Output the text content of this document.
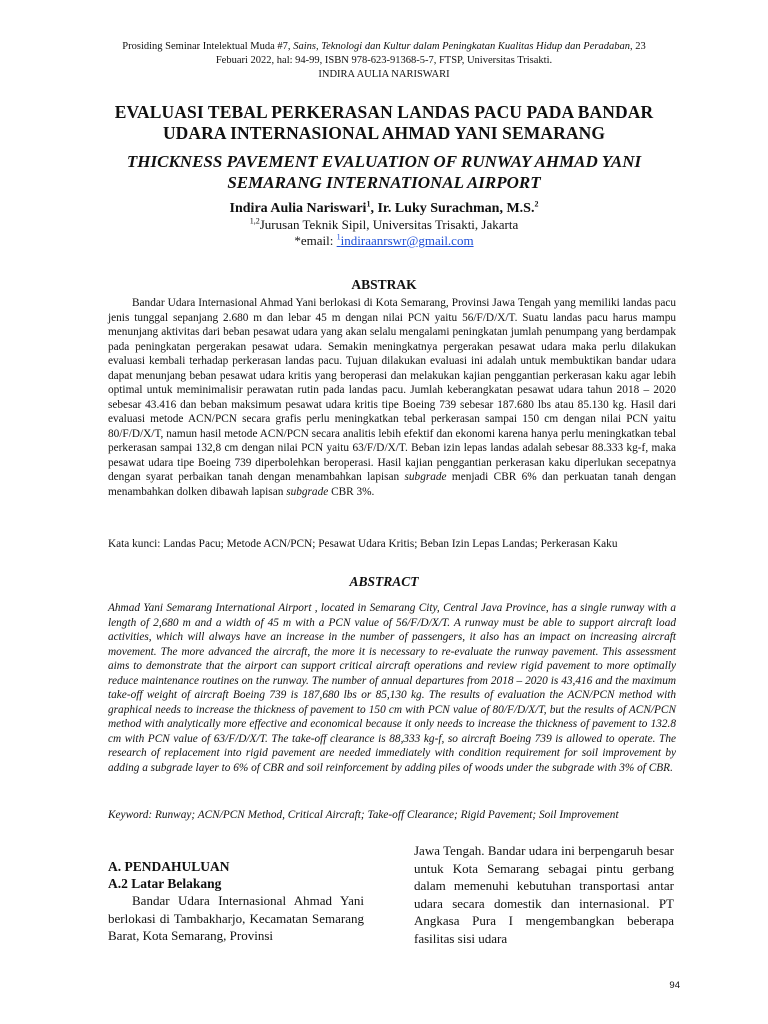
Prosiding Seminar Intelektual Muda #7, Sains, Teknologi dan Kultur dalam Peningkatan Kualitas Hidup dan Peradaban, 23 Febuari 2022, hal: 94-99, ISBN 978-623-91368-5-7, FTSP, Universitas Trisakti.
INDIRA AULIA NARISWARI
EVALUASI TEBAL PERKERASAN LANDAS PACU PADA BANDAR UDARA INTERNASIONAL AHMAD YANI SEMARANG
THICKNESS PAVEMENT EVALUATION OF RUNWAY AHMAD YANI SEMARANG INTERNATIONAL AIRPORT
Indira Aulia Nariswari$^1$, Ir. Luky Surachman, M.S.$^2$
$^{1,2}$Jurusan Teknik Sipil, Universitas Trisakti, Jakarta
*email: $^1$indiraanrswr@gmail.com
ABSTRAK

Bandar Udara Internasional Ahmad Yani berlokasi di Kota Semarang, Provinsi Jawa Tengah yang memiliki landas pacu jenis tunggal sepanjang 2.680 m dan lebar 45 m dengan nilai PCN yaitu 56/F/D/X/T. Suatu landas pacu harus mampu menunjang aktivitas dari beban pesawat udara yang akan selalu mengalami peningkatan jumlah penumpang yang berdampak pada peningkatan pergerakan pesawat udara. Semakin meningkatnya pergerakan pesawat udara maka perlu dilakukan evaluasi kembali terhadap perkerasan landas pacu. Tujuan dilakukan evaluasi ini adalah untuk membuktikan bandar udara dapat menunjang beban pesawat udara kritis yang beroperasi dan melakukan kajian penggantian perkerasan kaku agar lebih optimal untuk meminimalisir perawatan rutin pada landas pacu. Jumlah keberangkatan pesawat udara tahun 2018 – 2020 sebesar 43.416 dan beban maksimum pesawat udara kritis tipe Boeing 739 sebesar 187.680 lbs atau 85.130 kg. Hasil dari evaluasi metode ACN/PCN secara grafis perlu meningkatkan tebal perkerasan sampai 150 cm dengan nilai PCN yaitu 80/F/D/X/T, namun hasil metode ACN/PCN secara analitis lebih efektif dan ekonomi karena hanya perlu meningkatkan tebal perkerasan sampai 132,8 cm dengan nilai PCN yaitu 63/F/D/X/T. Beban izin lepas landas adalah sebesar 88.333 kg-f, maka pesawat udara tipe Boeing 739 diperbolehkan beroperasi. Hasil kajian penggantian perkerasan kaku diperlukan secepatnya dengan syarat perbaikan tanah dengan menambahkan lapisan subgrade menjadi CBR 6% dan perkuatan tanah dengan menambahkan dolken dibawah lapisan subgrade CBR 3%.

Kata kunci: Landas Pacu; Metode ACN/PCN; Pesawat Udara Kritis; Beban Izin Lepas Landas; Perkerasan Kaku

ABSTRACT

Ahmad Yani Semarang International Airport , located in Semarang City, Central Java Province, has a single runway with a length of 2,680 m and a width of 45 m with a PCN value of 56/F/D/X/T. A runway must be able to support aircraft load activities, which will always have an increase in the number of passengers, it also has an impact on increasing aircraft movement. The more advanced the aircraft, the more it is necessary to re-evaluate the runway pavement. This assessment aims to demonstrate that the airport can support critical aircraft operations and review rigid pavement to more optimally reduce maintenance routines on the runway. The number of annual departures from 2018 – 2020 is 43,416 and the maximum take-off weight of aircraft Boeing 739 is 187,680 lbs or 85,130 kg. The results of evaluation the ACN/PCN method with graphical needs to increase the thickness of pavement to 150 cm with PCN value of 80/F/D/X/T, but the results of ACN/PCN method with analytically more effective and economical because it only needs to increase the thickness of pavement to 132.8 cm with PCN value of 63/F/D/X/T. The take-off clearance is 88,333 kg-f, so aircraft Boeing 739 is allowed to operate. The research of replacement into rigid pavement are needed immediately with condition requirement for soil improvement by adding a subgrade layer to 6% of CBR and soil reinforcement by adding piles of woods under the subgrade with 3% of CBR.

Keyword: Runway; ACN/PCN Method, Critical Aircraft; Take-off Clearance; Rigid Pavement; Soil Improvement

A. PENDAHULUAN
A.2 Latar Belakang

Bandar Udara Internasional Ahmad Yani berlokasi di Tambakharjo, Kecamatan Semarang Barat, Kota Semarang, Provinsi

Jawa Tengah. Bandar udara ini berpengaruh besar untuk Kota Semarang sebagai pintu gerbang dalam memenuhi kebutuhan transportasi antar udara secara domestik dan internasional. PT Angkasa Pura I mengembangkan beberapa fasilitas sisi udara

94
